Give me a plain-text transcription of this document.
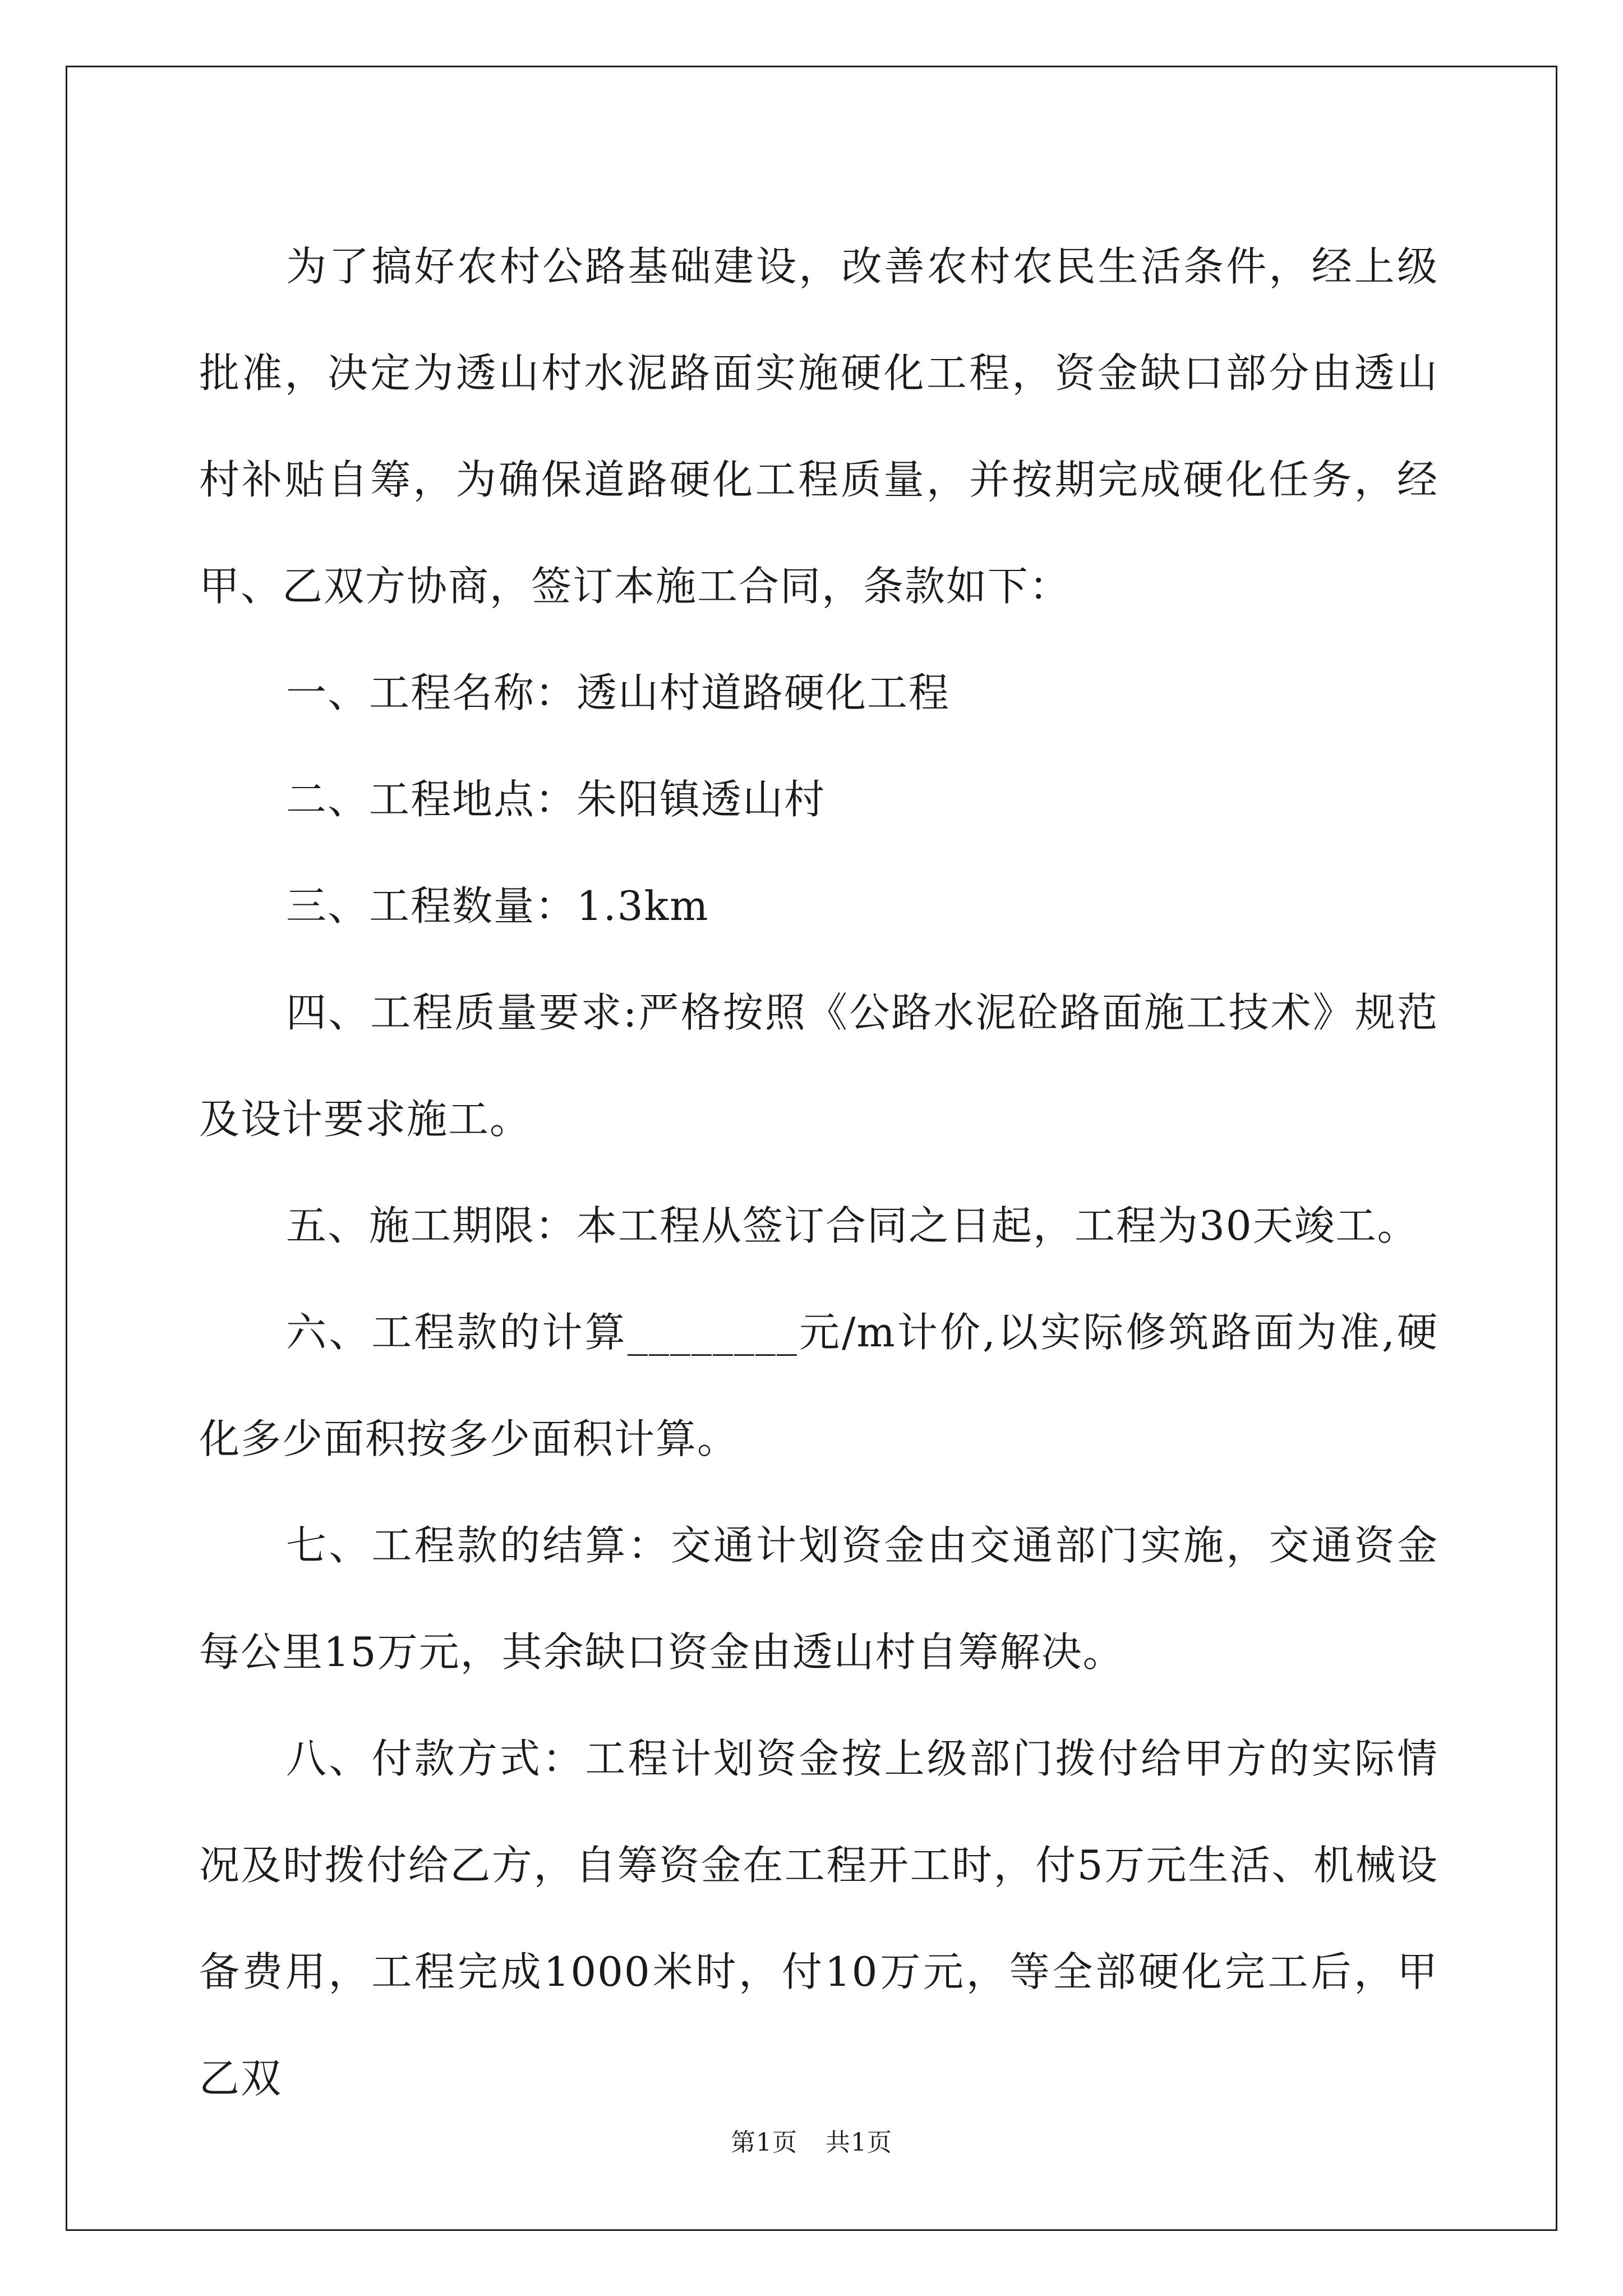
为了搞好农村公路基础建设，改善农村农民生活条件，经上级批准，决定为透山村水泥路面实施硬化工程，资金缺口部分由透山村补贴自筹，为确保道路硬化工程质量，并按期完成硬化任务，经甲、乙双方协商，签订本施工合同，条款如下：

一、工程名称：透山村道路硬化工程

二、工程地点：朱阳镇透山村

三、工程数量：1.3km

四、工程质量要求:严格按照《公路水泥砼路面施工技术》规范及设计要求施工。

五、施工期限：本工程从签订合同之日起，工程为30天竣工。

六、工程款的计算________元/m计价,以实际修筑路面为准,硬化多少面积按多少面积计算。

七、工程款的结算：交通计划资金由交通部门实施，交通资金每公里15万元，其余缺口资金由透山村自筹解决。

八、付款方式：工程计划资金按上级部门拨付给甲方的实际情况及时拨付给乙方，自筹资金在工程开工时，付5万元生活、机械设备费用，工程完成1000米时，付10万元，等全部硬化完工后，甲乙双

第1页 共1页
